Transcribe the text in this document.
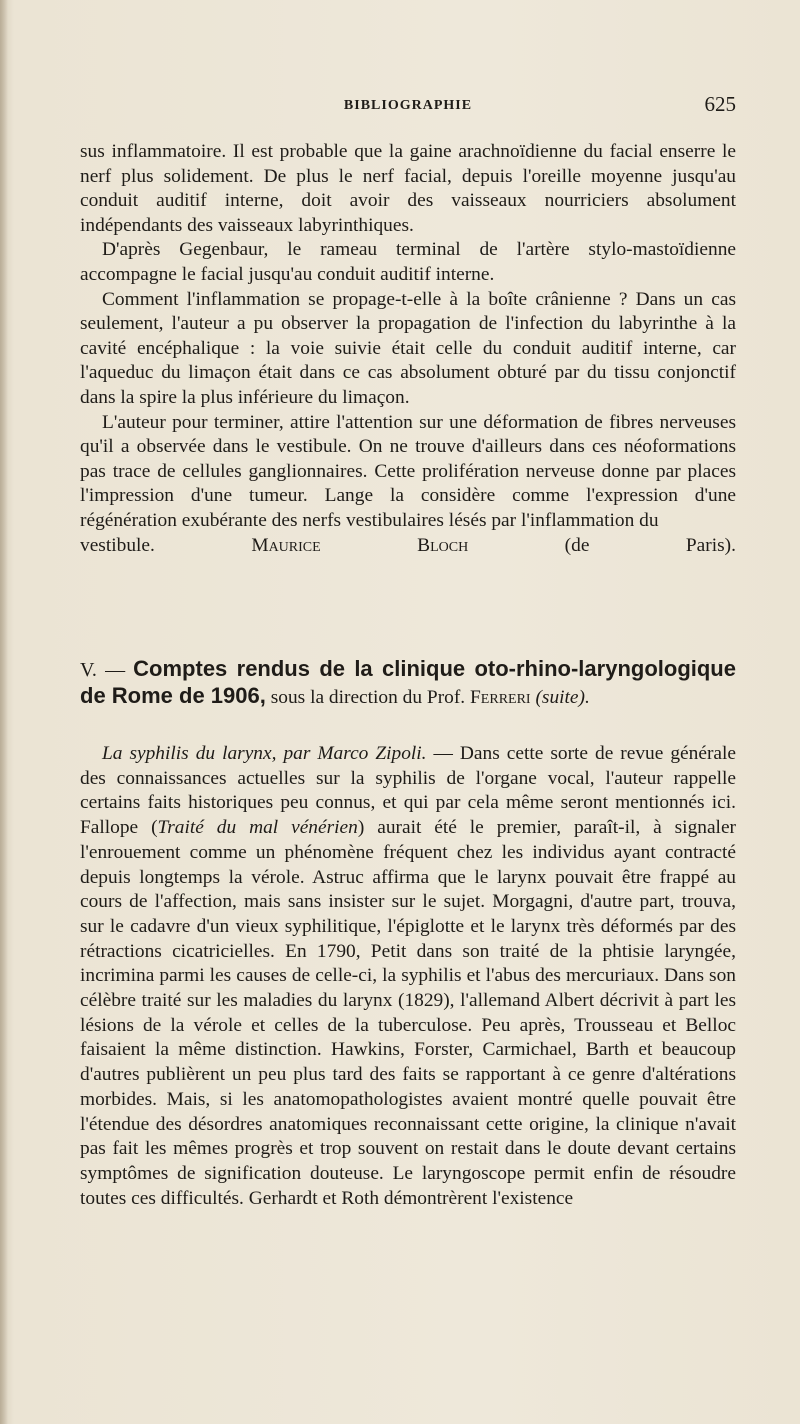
BIBLIOGRAPHIE	625

sus inflammatoire. Il est probable que la gaine arachnoïdienne du facial enserre le nerf plus solidement. De plus le nerf facial, depuis l'oreille moyenne jusqu'au conduit auditif interne, doit avoir des vaisseaux nourriciers absolument indépendants des vaisseaux labyrinthiques.

D'après Gegenbaur, le rameau terminal de l'artère stylo-mastoïdienne accompagne le facial jusqu'au conduit auditif interne.

Comment l'inflammation se propage-t-elle à la boîte crânienne ? Dans un cas seulement, l'auteur a pu observer la propagation de l'infection du labyrinthe à la cavité encéphalique : la voie suivie était celle du conduit auditif interne, car l'aqueduc du limaçon était dans ce cas absolument obturé par du tissu conjonctif dans la spire la plus inférieure du limaçon.

L'auteur pour terminer, attire l'attention sur une déformation de fibres nerveuses qu'il a observée dans le vestibule. On ne trouve d'ailleurs dans ces néoformations pas trace de cellules ganglionnaires. Cette prolifération nerveuse donne par places l'impression d'une tumeur. Lange la considère comme l'expression d'une régénération exubérante des nerfs vestibulaires lésés par l'inflammation du

vestibule.	Maurice Bloch	(de Paris).
V. — Comptes rendus de la clinique oto-rhino-laryngologique de Rome de 1906, sous la direction du Prof. Ferreri (suite).

La syphilis du larynx, par Marco Zipoli. — Dans cette sorte de revue générale des connaissances actuelles sur la syphilis de l'organe vocal, l'auteur rappelle certains faits historiques peu connus, et qui par cela même seront mentionnés ici. Fallope (Traité du mal vénérien) aurait été le premier, paraît-il, à signaler l'enrouement comme un phénomène fréquent chez les individus ayant contracté depuis longtemps la vérole. Astruc affirma que le larynx pouvait être frappé au cours de l'affection, mais sans insister sur le sujet. Morgagni, d'autre part, trouva, sur le cadavre d'un vieux syphilitique, l'épiglotte et le larynx très déformés par des rétractions cicatricielles. En 1790, Petit dans son traité de la phtisie laryngée, incrimina parmi les causes de celle-ci, la syphilis et l'abus des mercuriaux. Dans son célèbre traité sur les maladies du larynx (1829), l'allemand Albert décrivit à part les lésions de la vérole et celles de la tuberculose. Peu après, Trousseau et Belloc faisaient la même distinction. Hawkins, Forster, Carmichael, Barth et beaucoup d'autres publièrent un peu plus tard des faits se rapportant à ce genre d'altérations morbides. Mais, si les anatomopathologistes avaient montré quelle pouvait être l'étendue des désordres anatomiques reconnaissant cette origine, la clinique n'avait pas fait les mêmes progrès et trop souvent on restait dans le doute devant certains symptômes de signification douteuse. Le laryngoscope permit enfin de résoudre toutes ces difficultés. Gerhardt et Roth démontrèrent l'existence
